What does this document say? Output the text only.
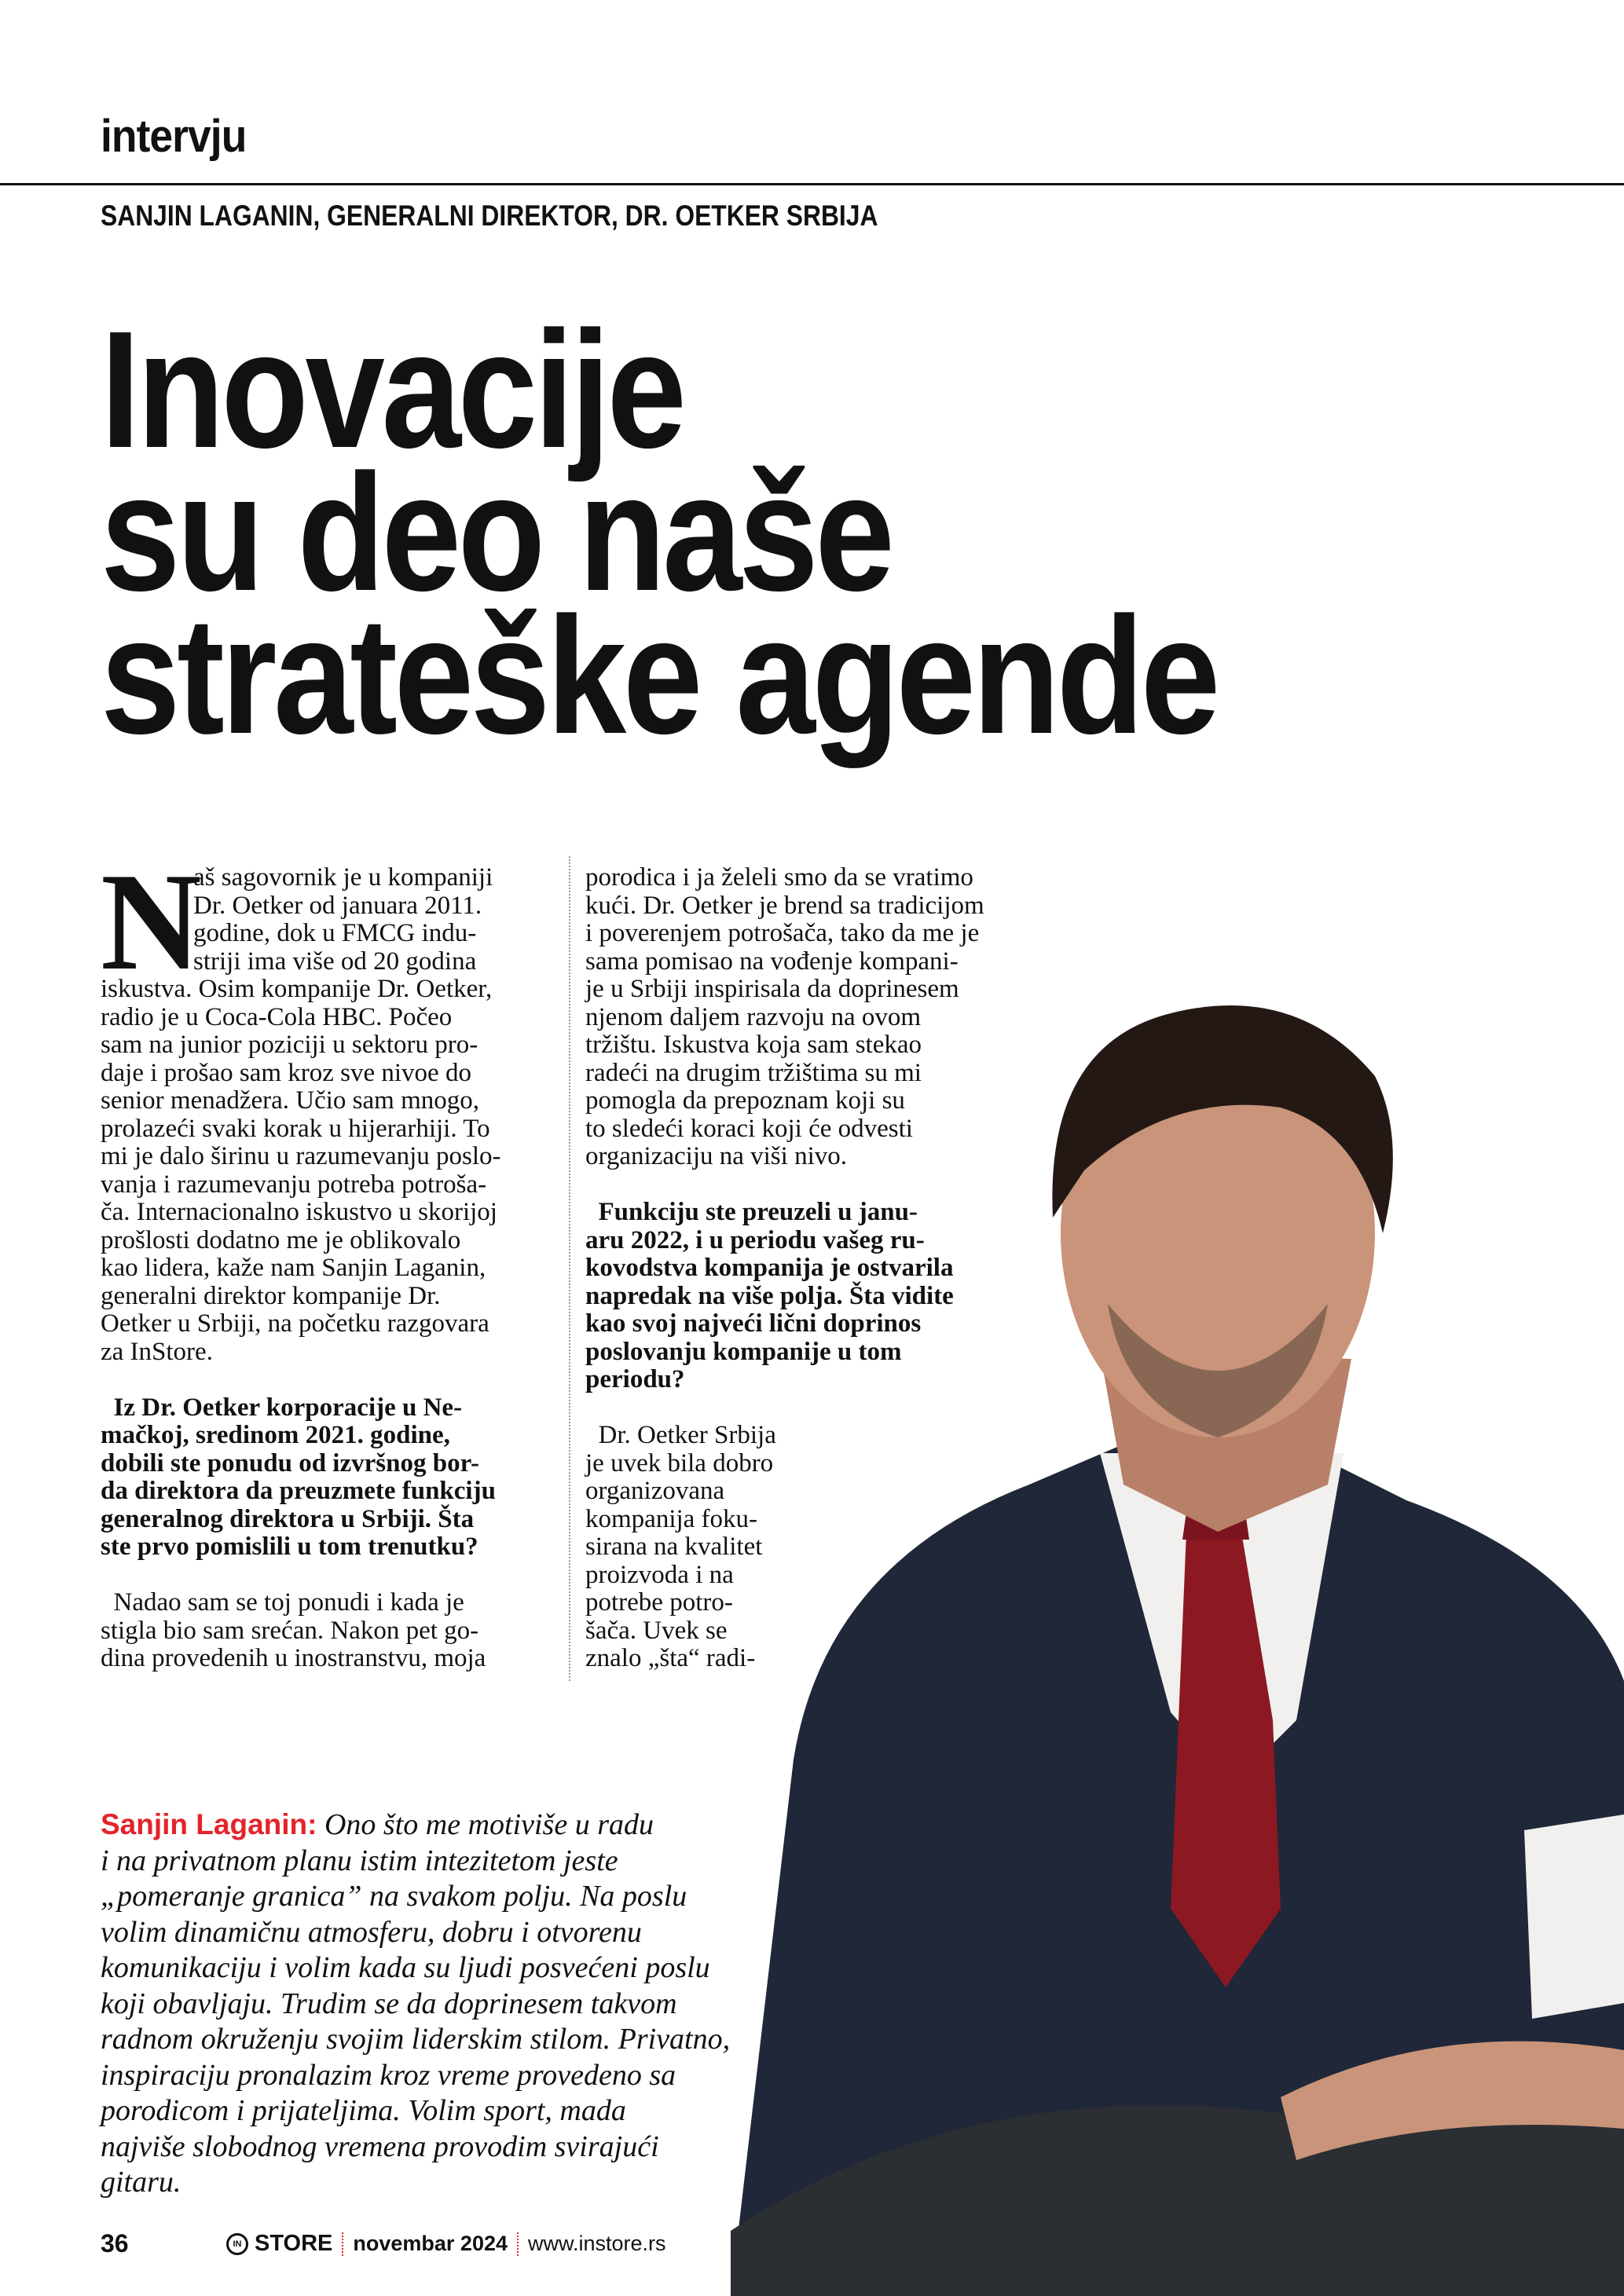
intervju
SANJIN LAGANIN, GENERALNI DIREKTOR, DR. OETKER SRBIJA
Inovacije
su deo naše
strateške agende
N
aš sagovornik je u kompaniji
Dr. Oetker od januara 2011.
godine, dok u FMCG indu-
striji ima više od 20 godina
iskustva. Osim kompanije Dr. Oetker,
radio je u Coca-Cola HBC. Počeo
sam na junior poziciji u sektoru pro-
daje i prošao sam kroz sve nivoe do
senior menadžera. Učio sam mnogo,
prolazeći svaki korak u hijerarhiji. To
mi je dalo širinu u razumevanju poslo-
vanja i razumevanju potreba potroša-
ča. Internacionalno iskustvo u skorijoj
prošlosti dodatno me je oblikovalo
kao lidera, kaže nam Sanjin Laganin,
generalni direktor kompanije Dr.
Oetker u Srbiji, na početku razgovara
za InStore.
Iz Dr. Oetker korporacije u Ne-
mačkoj, sredinom 2021. godine,
dobili ste ponudu od izvršnog bor-
da direktora da preuzmete funkciju
generalnog direktora u Srbiji. Šta
ste prvo pomislili u tom trenutku?
Nadao sam se toj ponudi i kada je
stigla bio sam srećan. Nakon pet go-
dina provedenih u inostranstvu, moja
porodica i ja želeli smo da se vratimo
kući. Dr. Oetker je brend sa tradicijom
i poverenjem potrošača, tako da me je
sama pomisao na vođenje kompani-
je u Srbiji inspirisala da doprinesem
njenom daljem razvoju na ovom
tržištu. Iskustva koja sam stekao
radeći na drugim tržištima su mi
pomogla da prepoznam koji su
to sledeći koraci koji će odvesti
organizaciju na viši nivo.
Funkciju ste preuzeli u janu-
aru 2022, i u periodu vašeg ru-
kovodstva kompanija je ostvarila
napredak na više polja. Šta vidite
kao svoj najveći lični doprinos
poslovanju kompanije u tom
periodu?
Dr. Oetker Srbija
je uvek bila dobro
organizovana
kompanija foku-
sirana na kvalitet
proizvoda i na
potrebe potro-
šača. Uvek se
znalo „šta“ radi-
Sanjin Laganin: Ono što me motiviše u radu
i na privatnom planu istim intezitetom jeste
„pomeranje granica” na svakom polju. Na poslu
volim dinamičnu atmosferu, dobru i otvorenu
komunikaciju i volim kada su ljudi posvećeni poslu
koji obavljaju. Trudim se da doprinesem takvom
radnom okruženju svojim liderskim stilom. Privatno,
inspiraciju pronalazim kroz vreme provedeno sa
porodicom i prijateljima. Volim sport, mada
najviše slobodnog vremena provodim svirajući
gitaru.
36	IN STORE novembar 2024 www.instore.rs
